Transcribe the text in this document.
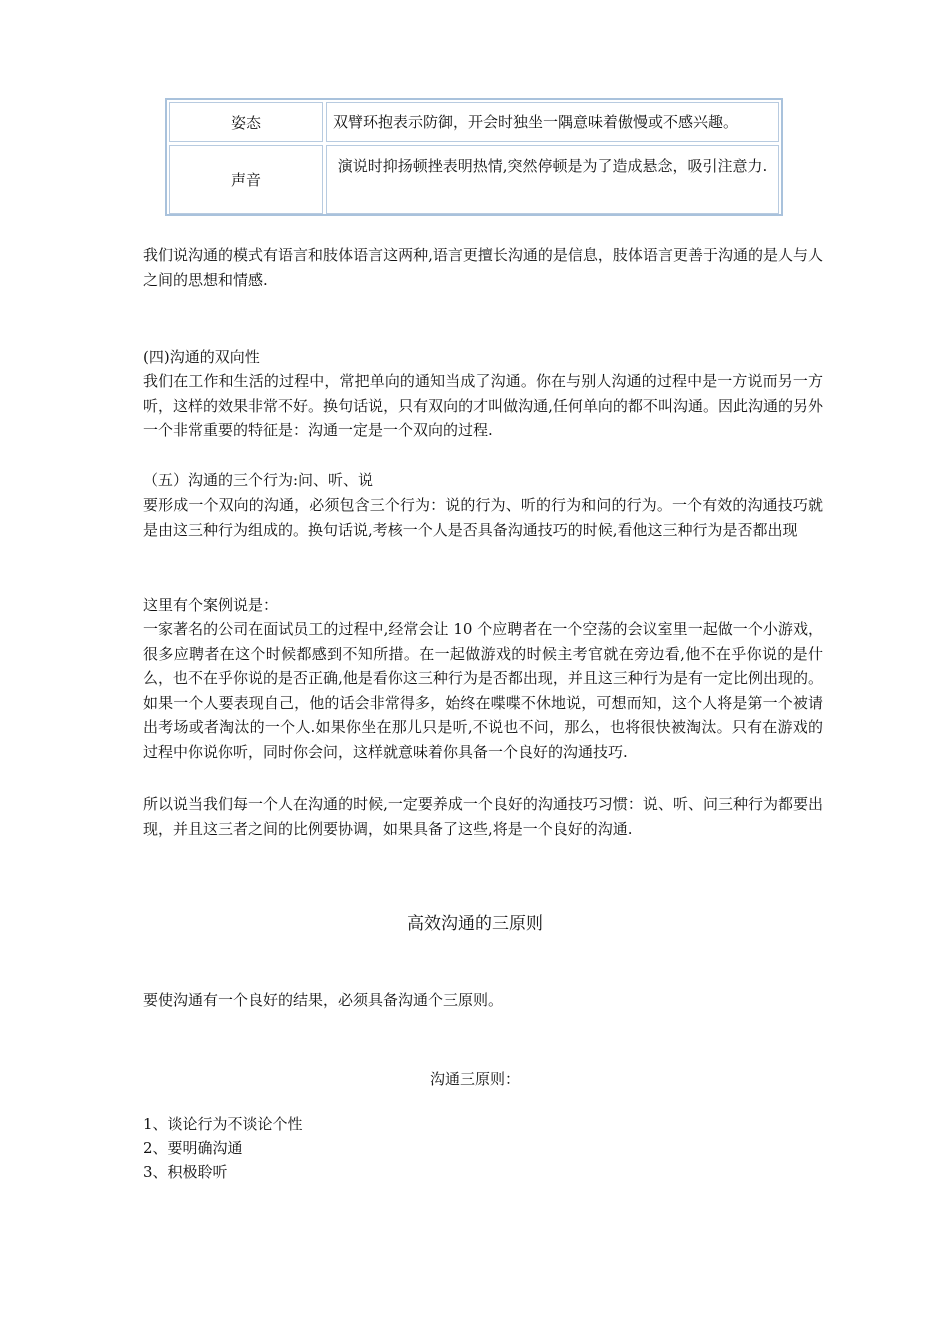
姿态	双臂环抱表示防御，开会时独坐一隅意味着傲慢或不感兴趣。
声音
演说时抑扬顿挫表明热情,突然停顿是为了造成悬念，吸引注意力.

我们说沟通的模式有语言和肢体语言这两种,语言更擅长沟通的是信息，肢体语言更善于沟通的是人与人之间的思想和情感.

(四)沟通的双向性

我们在工作和生活的过程中，常把单向的通知当成了沟通。你在与别人沟通的过程中是一方说而另一方听，这样的效果非常不好。换句话说，只有双向的才叫做沟通,任何单向的都不叫沟通。因此沟通的另外一个非常重要的特征是：沟通一定是一个双向的过程.

（五）沟通的三个行为:问、听、说

要形成一个双向的沟通，必须包含三个行为：说的行为、听的行为和问的行为。一个有效的沟通技巧就是由这三种行为组成的。换句话说,考核一个人是否具备沟通技巧的时候,看他这三种行为是否都出现

这里有个案例说是：

一家著名的公司在面试员工的过程中,经常会让 10 个应聘者在一个空荡的会议室里一起做一个小游戏，很多应聘者在这个时候都感到不知所措。在一起做游戏的时候主考官就在旁边看,他不在乎你说的是什么，也不在乎你说的是否正确,他是看你这三种行为是否都出现，并且这三种行为是有一定比例出现的。如果一个人要表现自己，他的话会非常得多，始终在喋喋不休地说，可想而知，这个人将是第一个被请出考场或者淘汰的一个人.如果你坐在那儿只是听,不说也不问，那么，也将很快被淘汰。只有在游戏的过程中你说你听，同时你会问，这样就意味着你具备一个良好的沟通技巧.

所以说当我们每一个人在沟通的时候,一定要养成一个良好的沟通技巧习惯：说、听、问三种行为都要出现，并且这三者之间的比例要协调，如果具备了这些,将是一个良好的沟通.

高效沟通的三原则

要使沟通有一个良好的结果，必须具备沟通个三原则。

沟通三原则：

1、谈论行为不谈论个性

2、要明确沟通

3、积极聆听
